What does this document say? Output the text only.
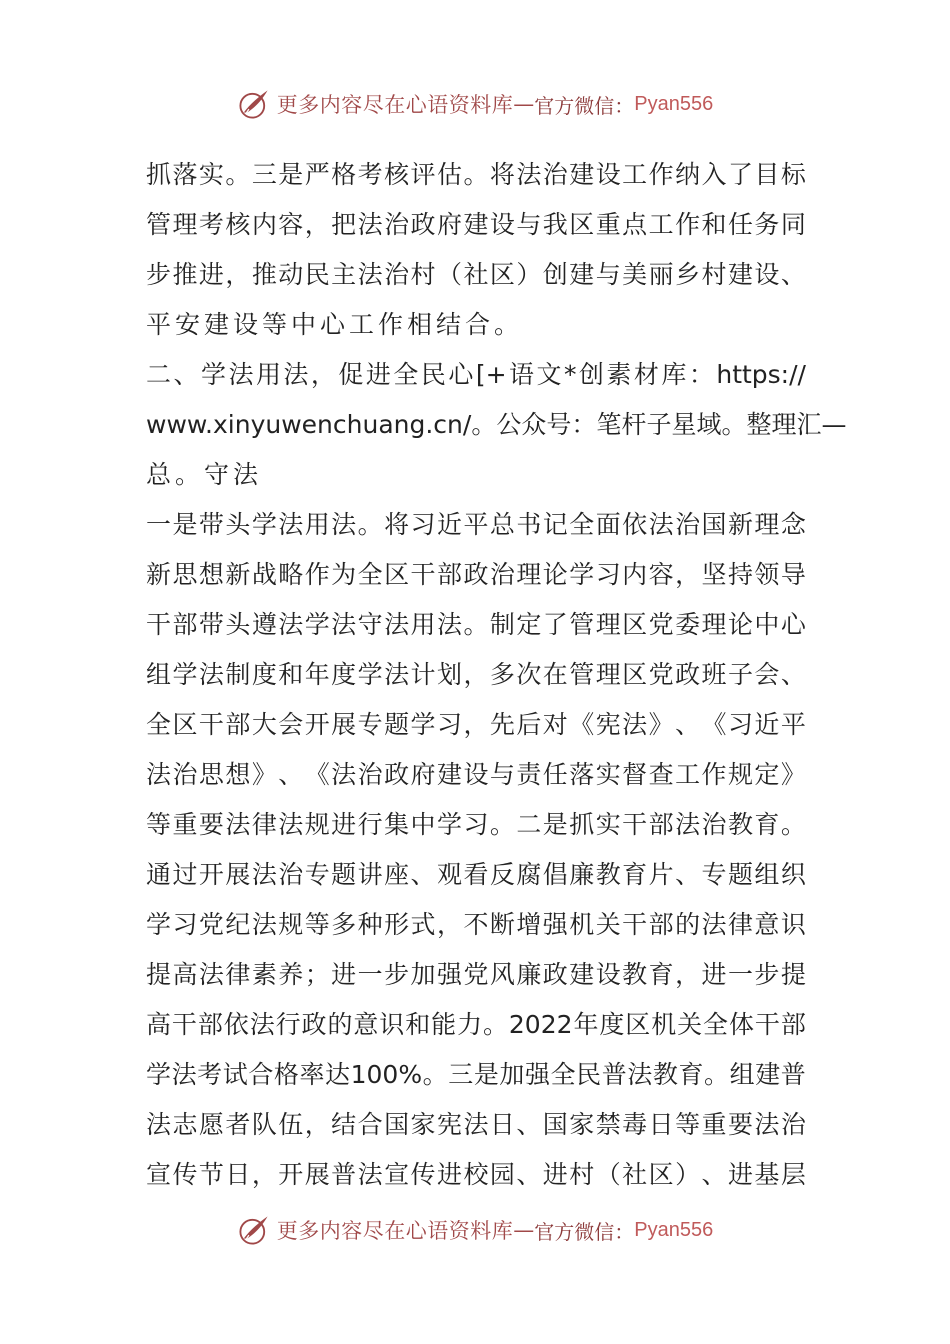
更多内容尽在心语资料库 — 官方微信： Pyan556
抓 落 实 。 三 是 严 格 考 核 评 估 。 将 法 治 建 设 工 作 纳 入 了 目 标
管 理 考 核 内 容 ， 把 法 治 政 府 建 设 与 我 区 重 点 工 作 和 任 务 同
步 推 进 ， 推 动 民 主 法 治 村 （ 社 区 ） 创 建 与 美 丽 乡 村 建 设 、
平安建设等中心工作相结合。
二 、 学 法 用 法 ， 促 进 全 民 心 [+ 语 文 * 创 素 材 库 ： https://
www.xinyuwenchuang.cn/ 。 公 众 号 ： 笔 杆 子 星 域 。 整 理 汇 —
总。守法
一 是 带 头 学 法 用 法 。 将 习 近 平 总 书 记 全 面 依 法 治 国 新 理 念
新 思 想 新 战 略 作 为 全 区 干 部 政 治 理 论 学 习 内 容 ， 坚 持 领 导
干 部 带 头 遵 法 学 法 守 法 用 法 。 制 定 了 管 理 区 党 委 理 论 中 心
组 学 法 制 度 和 年 度 学 法 计 划 ， 多 次 在 管 理 区 党 政 班 子 会 、
全 区 干 部 大 会 开 展 专 题 学 习 ， 先 后 对 《 宪 法 》 、 《 习 近 平
法 治 思 想 》 、 《 法 治 政 府 建 设 与 责 任 落 实 督 查 工 作 规 定 》
等 重 要 法 律 法 规 进 行 集 中 学 习 。 二 是 抓 实 干 部 法 治 教 育 。
通 过 开 展 法 治 专 题 讲 座 、 观 看 反 腐 倡 廉 教 育 片 、 专 题 组 织
学 习 党 纪 法 规 等 多 种 形 式 ， 不 断 增 强 机 关 干 部 的 法 律 意 识
提 高 法 律 素 养 ； 进 一 步 加 强 党 风 廉 政 建 设 教 育 ， 进 一 步 提
高 干 部 依 法 行 政 的 意 识 和 能 力 。 2022 年 度 区 机 关 全 体 干 部
学 法 考 试 合 格 率 达 100% 。 三 是 加 强 全 民 普 法 教 育 。 组 建 普
法 志 愿 者 队 伍 ， 结 合 国 家 宪 法 日 、 国 家 禁 毒 日 等 重 要 法 治
宣 传 节 日 ， 开 展 普 法 宣 传 进 校 园 、 进 村 （ 社 区 ） 、 进 基 层
更多内容尽在心语资料库 — 官方微信： Pyan556
